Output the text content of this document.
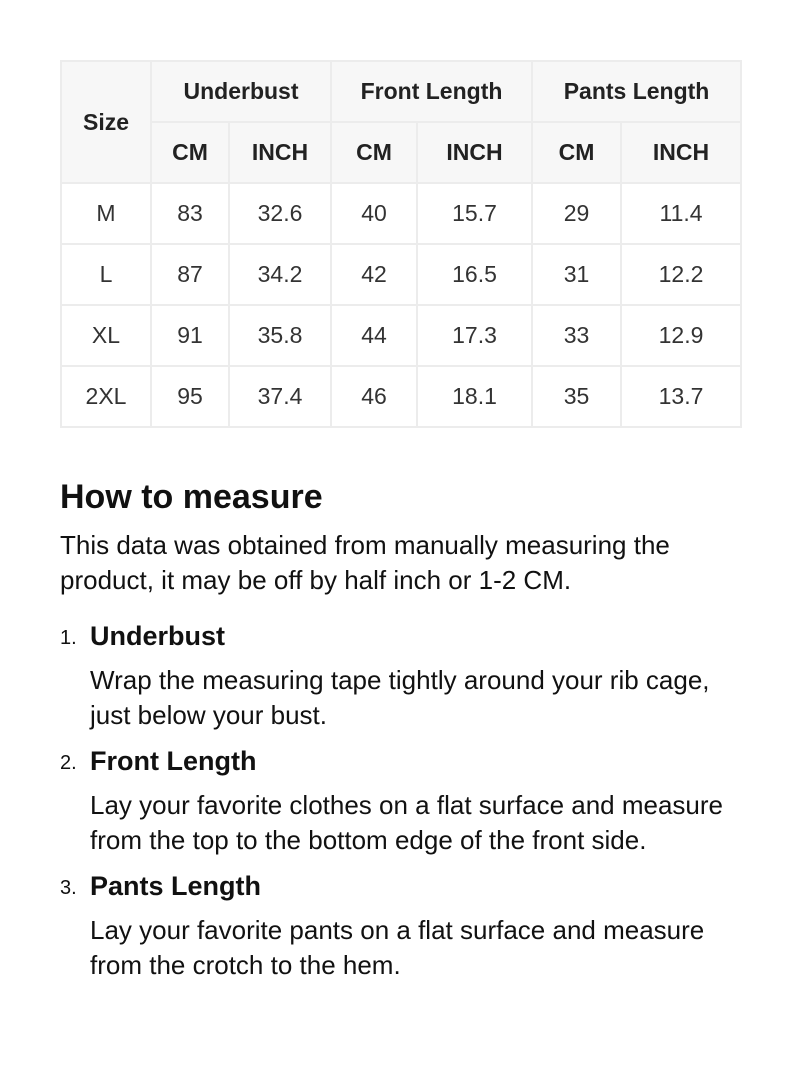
Size	Underbust		Front Length		Pants Length	
	CM	INCH	CM	INCH	CM	INCH
M	83	32.6	40	15.7	29	11.4
L	87	34.2	42	16.5	31	12.2
XL	91	35.8	44	17.3	33	12.9
2XL	95	37.4	46	18.1	35	13.7
How to measure

This data was obtained from manually measuring the product, it may be off by half inch or 1-2 CM.

1. Underbust
Wrap the measuring tape tightly around your rib cage, just below your bust.
2. Front Length
Lay your favorite clothes on a flat surface and measure from the top to the bottom edge of the front side.
3. Pants Length
Lay your favorite pants on a flat surface and measure from the crotch to the hem.
